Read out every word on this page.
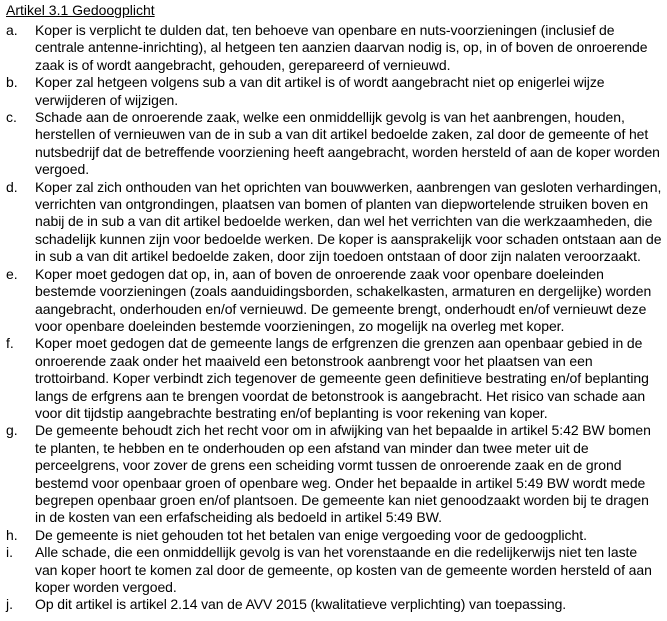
Artikel 3.1 Gedoogplicht
a.	Koper is verplicht te dulden dat, ten behoeve van openbare en nuts-voorzieningen (inclusief de centrale antenne-inrichting), al hetgeen ten aanzien daarvan nodig is, op, in of boven de onroerende zaak is of wordt aangebracht, gehouden, gerepareerd of vernieuwd.
b.	Koper zal hetgeen volgens sub a van dit artikel is of wordt aangebracht niet op enigerlei wijze verwijderen of wijzigen.
c.	Schade aan de onroerende zaak, welke een onmiddellijk gevolg is van het aanbrengen, houden, herstellen of vernieuwen van de in sub a van dit artikel bedoelde zaken, zal door de gemeente of het nutsbedrijf dat de betreffende voorziening heeft aangebracht, worden hersteld of aan de koper worden vergoed.
d.	Koper zal zich onthouden van het oprichten van bouwwerken, aanbrengen van gesloten verhardingen, verrichten van ontgrondingen, plaatsen van bomen of planten van diepwortelende struiken boven en nabij de in sub a van dit artikel bedoelde werken, dan wel het verrichten van die werkzaamheden, die schadelijk kunnen zijn voor bedoelde werken. De koper is aansprakelijk voor schaden ontstaan aan de in sub a van dit artikel bedoelde zaken, door zijn toedoen ontstaan of door zijn nalaten veroorzaakt.
e.	Koper moet gedogen dat op, in, aan of boven de onroerende zaak voor openbare doeleinden bestemde voorzieningen (zoals aanduidingsborden, schakelkasten, armaturen en dergelijke) worden aangebracht, onderhouden en/of vernieuwd. De gemeente brengt, onderhoudt en/of vernieuwt deze voor openbare doeleinden bestemde voorzieningen, zo mogelijk na overleg met koper.
f.	Koper moet gedogen dat de gemeente langs de erfgrenzen die grenzen aan openbaar gebied in de onroerende zaak onder het maaiveld een betonstrook aanbrengt voor het plaatsen van een trottoirband. Koper verbindt zich tegenover de gemeente geen definitieve bestrating en/of beplanting langs de erfgrens aan te brengen voordat de betonstrook is aangebracht. Het risico van schade aan voor dit tijdstip aangebrachte bestrating en/of beplanting is voor rekening van koper.
g.	De gemeente behoudt zich het recht voor om in afwijking van het bepaalde in artikel 5:42 BW bomen te planten, te hebben en te onderhouden op een afstand van minder dan twee meter uit de perceelgrens, voor zover de grens een scheiding vormt tussen de onroerende zaak en de grond bestemd voor openbaar groen of openbare weg. Onder het bepaalde in artikel 5:49 BW wordt mede begrepen openbaar groen en/of plantsoen. De gemeente kan niet genoodzaakt worden bij te dragen in de kosten van een erfafscheiding als bedoeld in artikel 5:49 BW.
h.	De gemeente is niet gehouden tot het betalen van enige vergoeding voor de gedoogplicht.
i.	Alle schade, die een onmiddellijk gevolg is van het vorenstaande en die redelijkerwijs niet ten laste van koper hoort te komen zal door de gemeente, op kosten van de gemeente worden hersteld of aan koper worden vergoed.
j.	Op dit artikel is artikel 2.14 van de AVV 2015 (kwalitatieve verplichting) van toepassing.
